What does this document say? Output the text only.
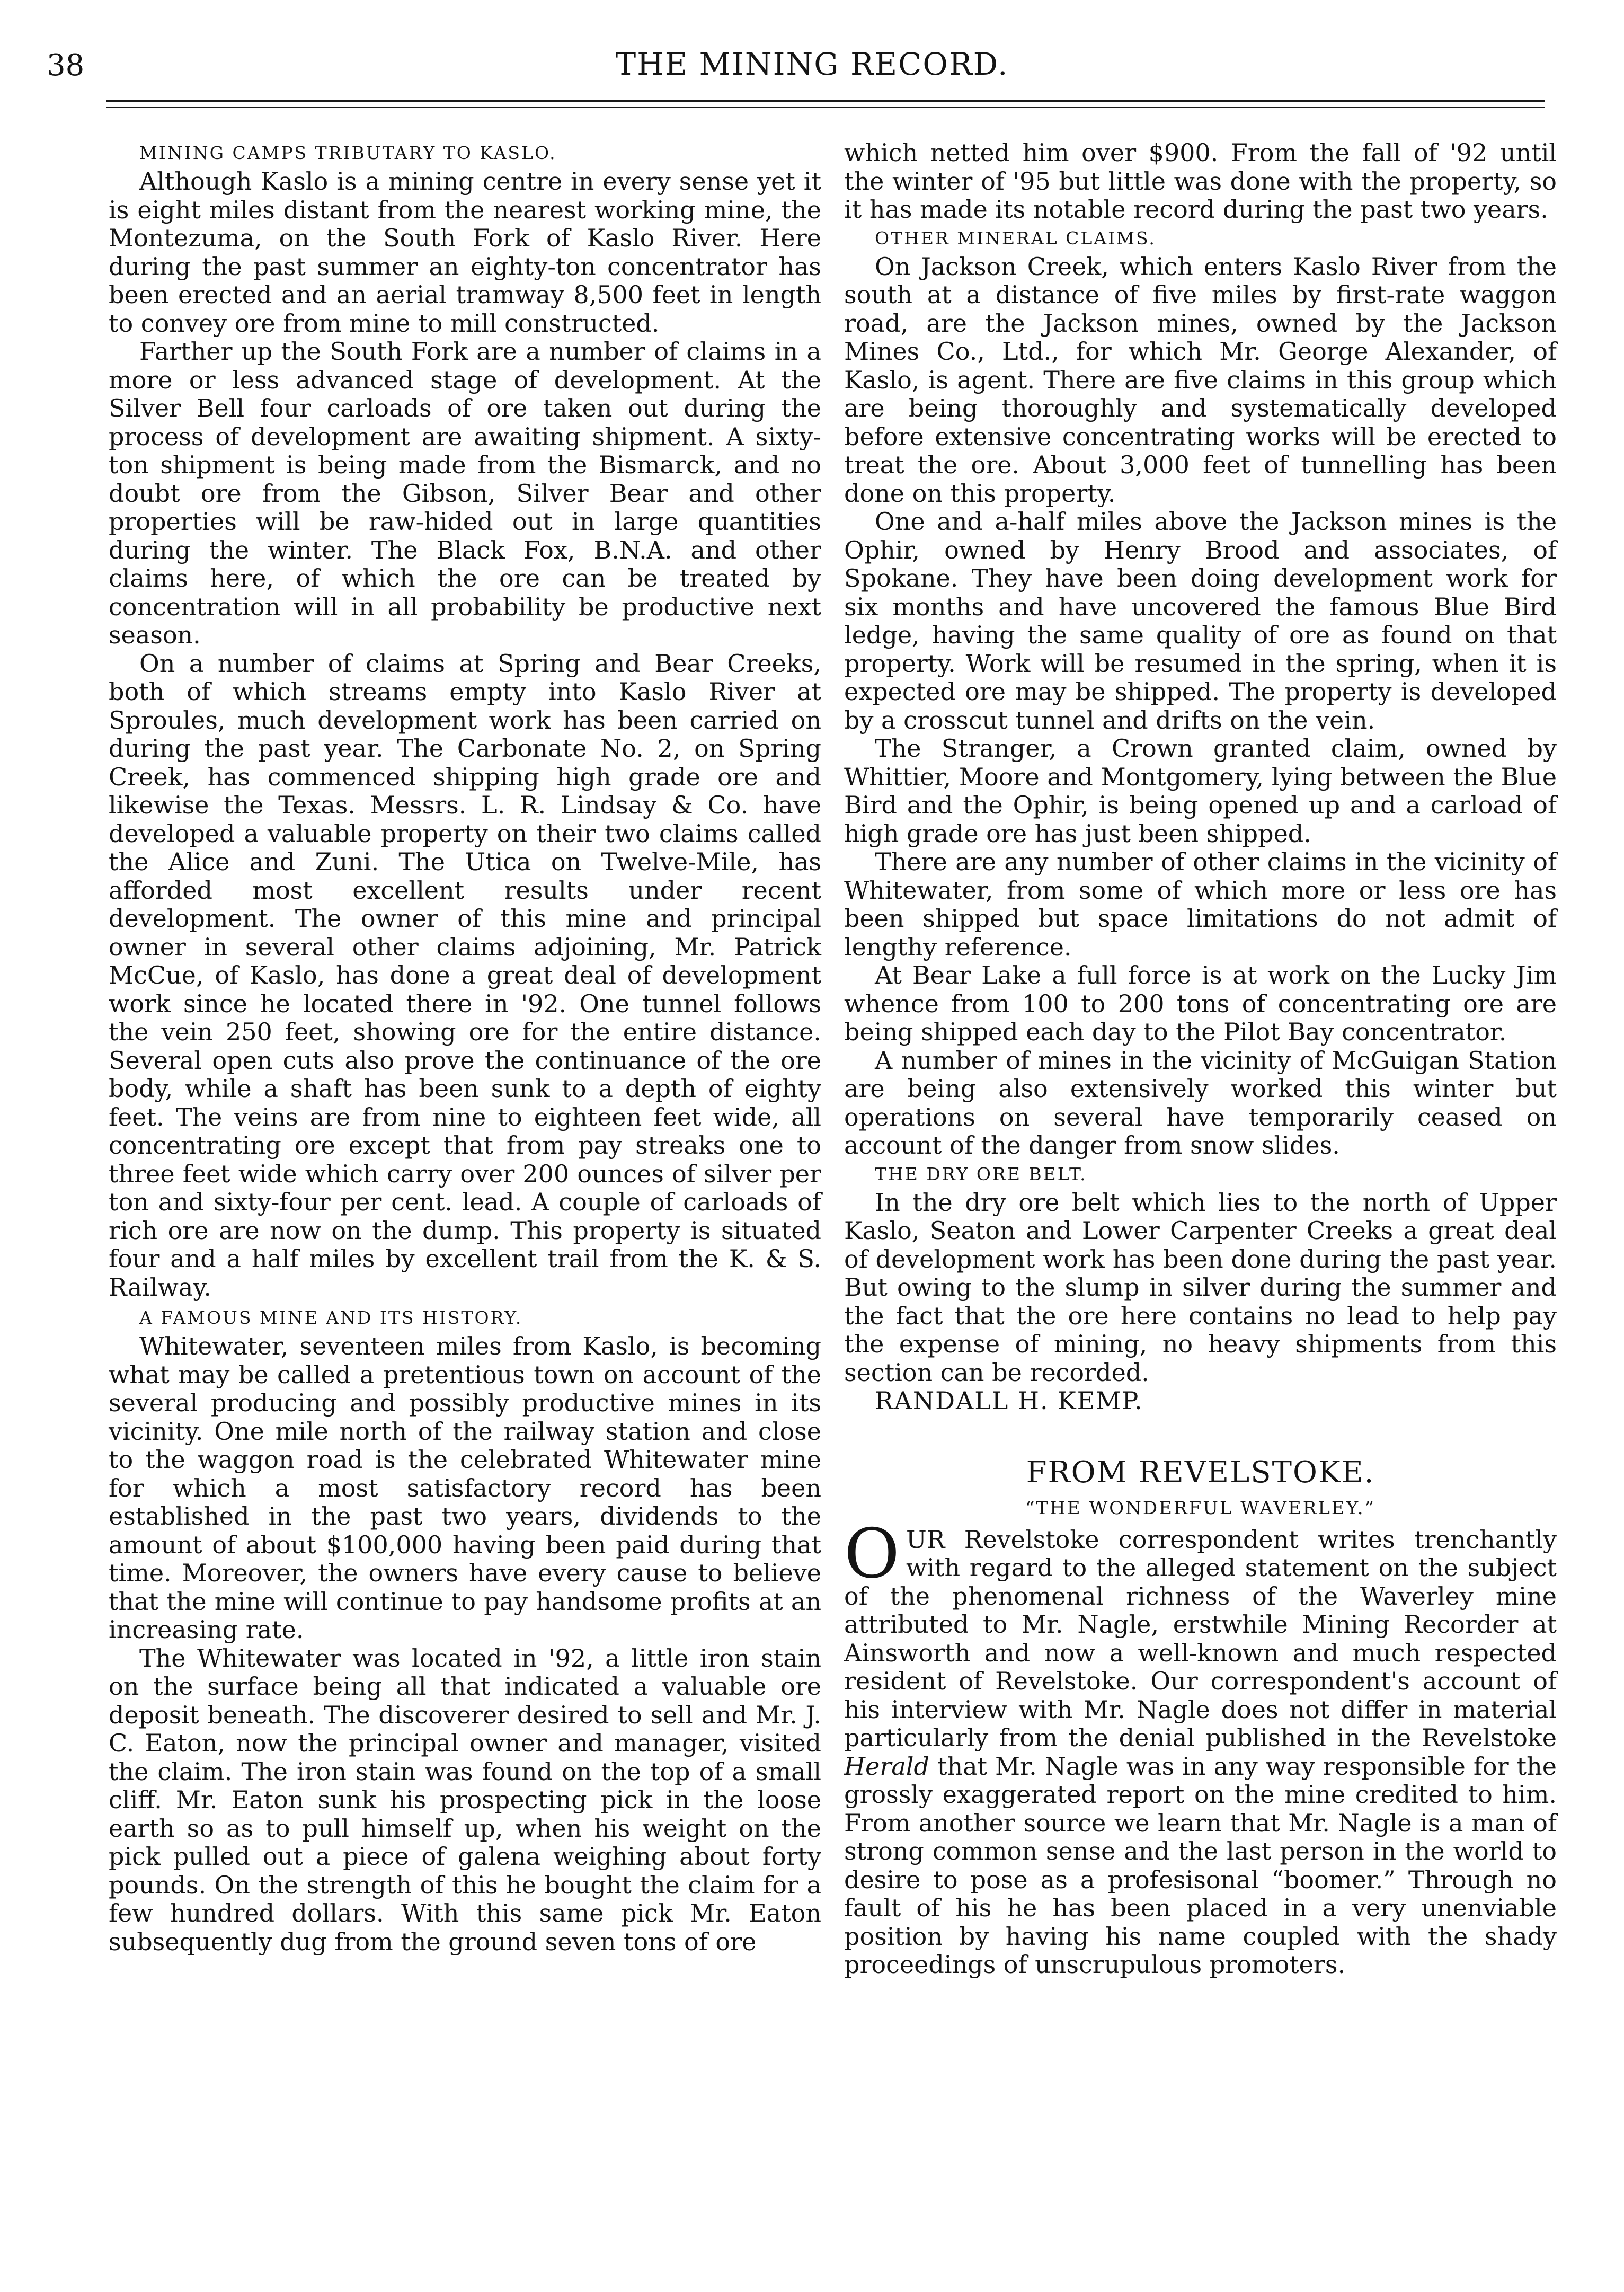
38	THE MINING RECORD.

MINING CAMPS TRIBUTARY TO KASLO.

Although Kaslo is a mining centre in every sense yet it is eight miles distant from the nearest working mine, the Montezuma, on the South Fork of Kaslo River. Here during the past summer an eighty-ton concentrator has been erected and an aerial tramway 8,500 feet in length to convey ore from mine to mill constructed.

Farther up the South Fork are a number of claims in a more or less advanced stage of development. At the Silver Bell four carloads of ore taken out during the process of development are awaiting shipment. A sixty-ton shipment is being made from the Bismarck, and no doubt ore from the Gibson, Silver Bear and other properties will be raw-hided out in large quantities during the winter. The Black Fox, B.N.A. and other claims here, of which the ore can be treated by concentration will in all probability be productive next season.

On a number of claims at Spring and Bear Creeks, both of which streams empty into Kaslo River at Sproules, much development work has been carried on during the past year. The Carbonate No. 2, on Spring Creek, has commenced shipping high grade ore and likewise the Texas. Messrs. L. R. Lindsay & Co. have developed a valuable property on their two claims called the Alice and Zuni. The Utica on Twelve-Mile, has afforded most excellent results under recent development. The owner of this mine and principal owner in several other claims adjoining, Mr. Patrick McCue, of Kaslo, has done a great deal of development work since he located there in '92. One tunnel follows the vein 250 feet, showing ore for the entire distance. Several open cuts also prove the continuance of the ore body, while a shaft has been sunk to a depth of eighty feet. The veins are from nine to eighteen feet wide, all concentrating ore except that from pay streaks one to three feet wide which carry over 200 ounces of silver per ton and sixty-four per cent. lead. A couple of carloads of rich ore are now on the dump. This property is situated four and a half miles by excellent trail from the K. & S. Railway.

A FAMOUS MINE AND ITS HISTORY.

Whitewater, seventeen miles from Kaslo, is becoming what may be called a pretentious town on account of the several producing and possibly productive mines in its vicinity. One mile north of the railway station and close to the waggon road is the celebrated Whitewater mine for which a most satisfactory record has been established in the past two years, dividends to the amount of about $100,000 having been paid during that time. Moreover, the owners have every cause to believe that the mine will continue to pay handsome profits at an increasing rate.

The Whitewater was located in '92, a little iron stain on the surface being all that indicated a valuable ore deposit beneath. The discoverer desired to sell and Mr. J. C. Eaton, now the principal owner and manager, visited the claim. The iron stain was found on the top of a small cliff. Mr. Eaton sunk his prospecting pick in the loose earth so as to pull himself up, when his weight on the pick pulled out a piece of galena weighing about forty pounds. On the strength of this he bought the claim for a few hundred dollars. With this same pick Mr. Eaton subsequently dug from the ground seven tons of ore

which netted him over $900. From the fall of '92 until the winter of '95 but little was done with the property, so it has made its notable record during the past two years.

OTHER MINERAL CLAIMS.

On Jackson Creek, which enters Kaslo River from the south at a distance of five miles by first-rate waggon road, are the Jackson mines, owned by the Jackson Mines Co., Ltd., for which Mr. George Alexander, of Kaslo, is agent. There are five claims in this group which are being thoroughly and systematically developed before extensive concentrating works will be erected to treat the ore. About 3,000 feet of tunnelling has been done on this property.

One and a-half miles above the Jackson mines is the Ophir, owned by Henry Brood and associates, of Spokane. They have been doing development work for six months and have uncovered the famous Blue Bird ledge, having the same quality of ore as found on that property. Work will be resumed in the spring, when it is expected ore may be shipped. The property is developed by a crosscut tunnel and drifts on the vein.

The Stranger, a Crown granted claim, owned by Whittier, Moore and Montgomery, lying between the Blue Bird and the Ophir, is being opened up and a carload of high grade ore has just been shipped.

There are any number of other claims in the vicinity of Whitewater, from some of which more or less ore has been shipped but space limitations do not admit of lengthy reference.

At Bear Lake a full force is at work on the Lucky Jim whence from 100 to 200 tons of concentrating ore are being shipped each day to the Pilot Bay concentrator.

A number of mines in the vicinity of McGuigan Station are being also extensively worked this winter but operations on several have temporarily ceased on account of the danger from snow slides.

THE DRY ORE BELT.

In the dry ore belt which lies to the north of Upper Kaslo, Seaton and Lower Carpenter Creeks a great deal of development work has been done during the past year. But owing to the slump in silver during the summer and the fact that the ore here contains no lead to help pay the expense of mining, no heavy shipments from this section can be recorded.

RANDALL H. KEMP.

FROM REVELSTOKE.
“THE WONDERFUL WAVERLEY.”

OUR Revelstoke correspondent writes trenchantly with regard to the alleged statement on the subject of the phenomenal richness of the Waverley mine attributed to Mr. Nagle, erstwhile Mining Recorder at Ainsworth and now a well-known and much respected resident of Revelstoke. Our correspondent's account of his interview with Mr. Nagle does not differ in material particularly from the denial published in the Revelstoke Herald that Mr. Nagle was in any way responsible for the grossly exaggerated report on the mine credited to him. From another source we learn that Mr. Nagle is a man of strong common sense and the last person in the world to desire to pose as a profesisonal “boomer.” Through no fault of his he has been placed in a very unenviable position by having his name coupled with the shady proceedings of unscrupulous promoters.
